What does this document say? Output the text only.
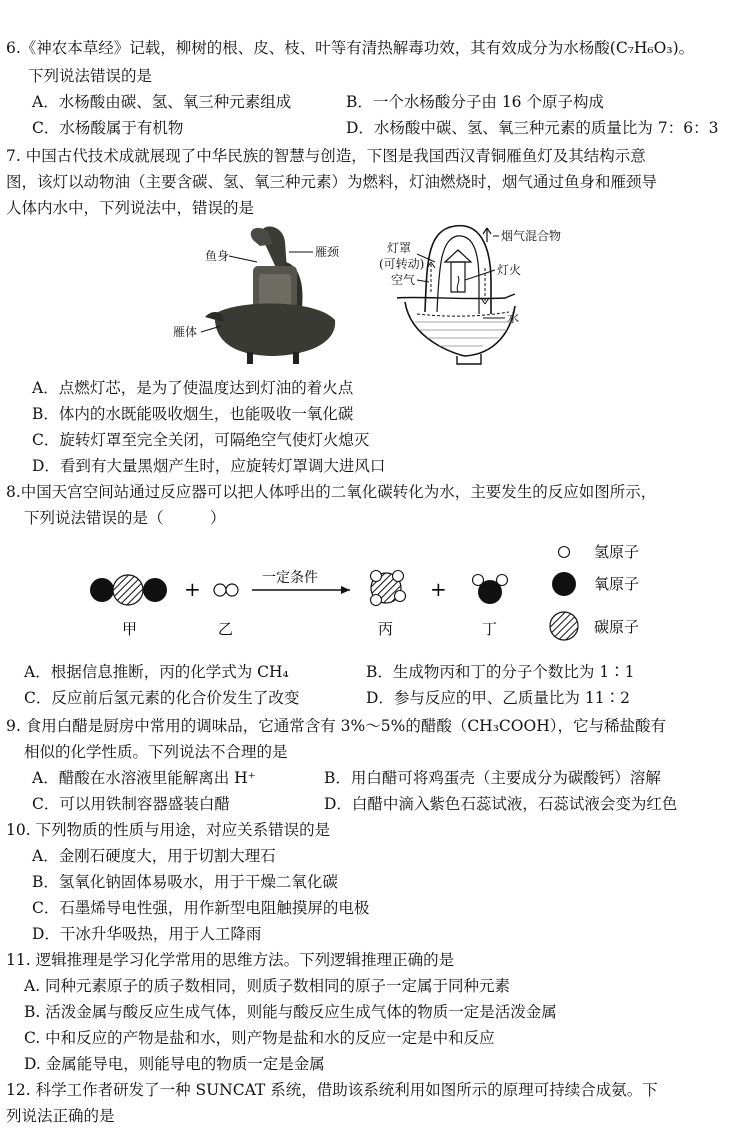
6.《神农本草经》记载，柳树的根、皮、枝、叶等有清热解毒功效，其有效成分为水杨酸(C₇H₆O₃)。
下列说法错误的是
A．水杨酸由碳、氢、氧三种元素组成	B．一个水杨酸分子由 16 个原子构成
C．水杨酸属于有机物	D．水杨酸中碳、氢、氧三种元素的质量比为 7：6：3
7. 中国古代技术成就展现了中华民族的智慧与创造，下图是我国西汉青铜雁鱼灯及其结构示意
图，该灯以动物油（主要含碳、氢、氧三种元素）为燃料，灯油燃烧时，烟气通过鱼身和雁颈导
人体内水中，下列说法中，错误的是
鱼身	雁颈
雁体
烟气混合物
灯罩
(可转动)
空气
灯火
水
A．点燃灯芯，是为了使温度达到灯油的着火点
B．体内的水既能吸收烟生，也能吸收一氧化碳
C．旋转灯罩至完全关闭，可隔绝空气使灯火熄灭
D．看到有大量黑烟产生时，应旋转灯罩调大进风口
8.中国天宫空间站通过反应器可以把人体呼出的二氧化碳转化为水，主要发生的反应如图所示，
下列说法错误的是（　　　）
甲
+
乙
一定条件
丙
+
丁
氢原子
氧原子
碳原子
A．根据信息推断，丙的化学式为 CH₄	B．生成物丙和丁的分子个数比为 1∶1
C．反应前后氢元素的化合价发生了改变	D．参与反应的甲、乙质量比为 11∶2
9. 食用白醋是厨房中常用的调味品，它通常含有 3%～5%的醋酸（CH₃COOH），它与稀盐酸有
相似的化学性质。下列说法不合理的是
A．醋酸在水溶液里能解离出 H⁺	B．用白醋可将鸡蛋壳（主要成分为碳酸钙）溶解
C．可以用铁制容器盛装白醋	D．白醋中滴入紫色石蕊试液，石蕊试液会变为红色
10. 下列物质的性质与用途，对应关系错误的是
A．金刚石硬度大，用于切割大理石
B．氢氧化钠固体易吸水，用于干燥二氧化碳
C．石墨烯导电性强，用作新型电阻触摸屏的电极
D．干冰升华吸热，用于人工降雨
11. 逻辑推理是学习化学常用的思维方法。下列逻辑推理正确的是
A. 同种元素原子的质子数相同，则质子数相同的原子一定属于同种元素
B. 活泼金属与酸反应生成气体，则能与酸反应生成气体的物质一定是活泼金属
C. 中和反应的产物是盐和水，则产物是盐和水的反应一定是中和反应
D. 金属能导电，则能导电的物质一定是金属
12. 科学工作者研发了一种 SUNCAT 系统，借助该系统利用如图所示的原理可持续合成氨。下
列说法正确的是
